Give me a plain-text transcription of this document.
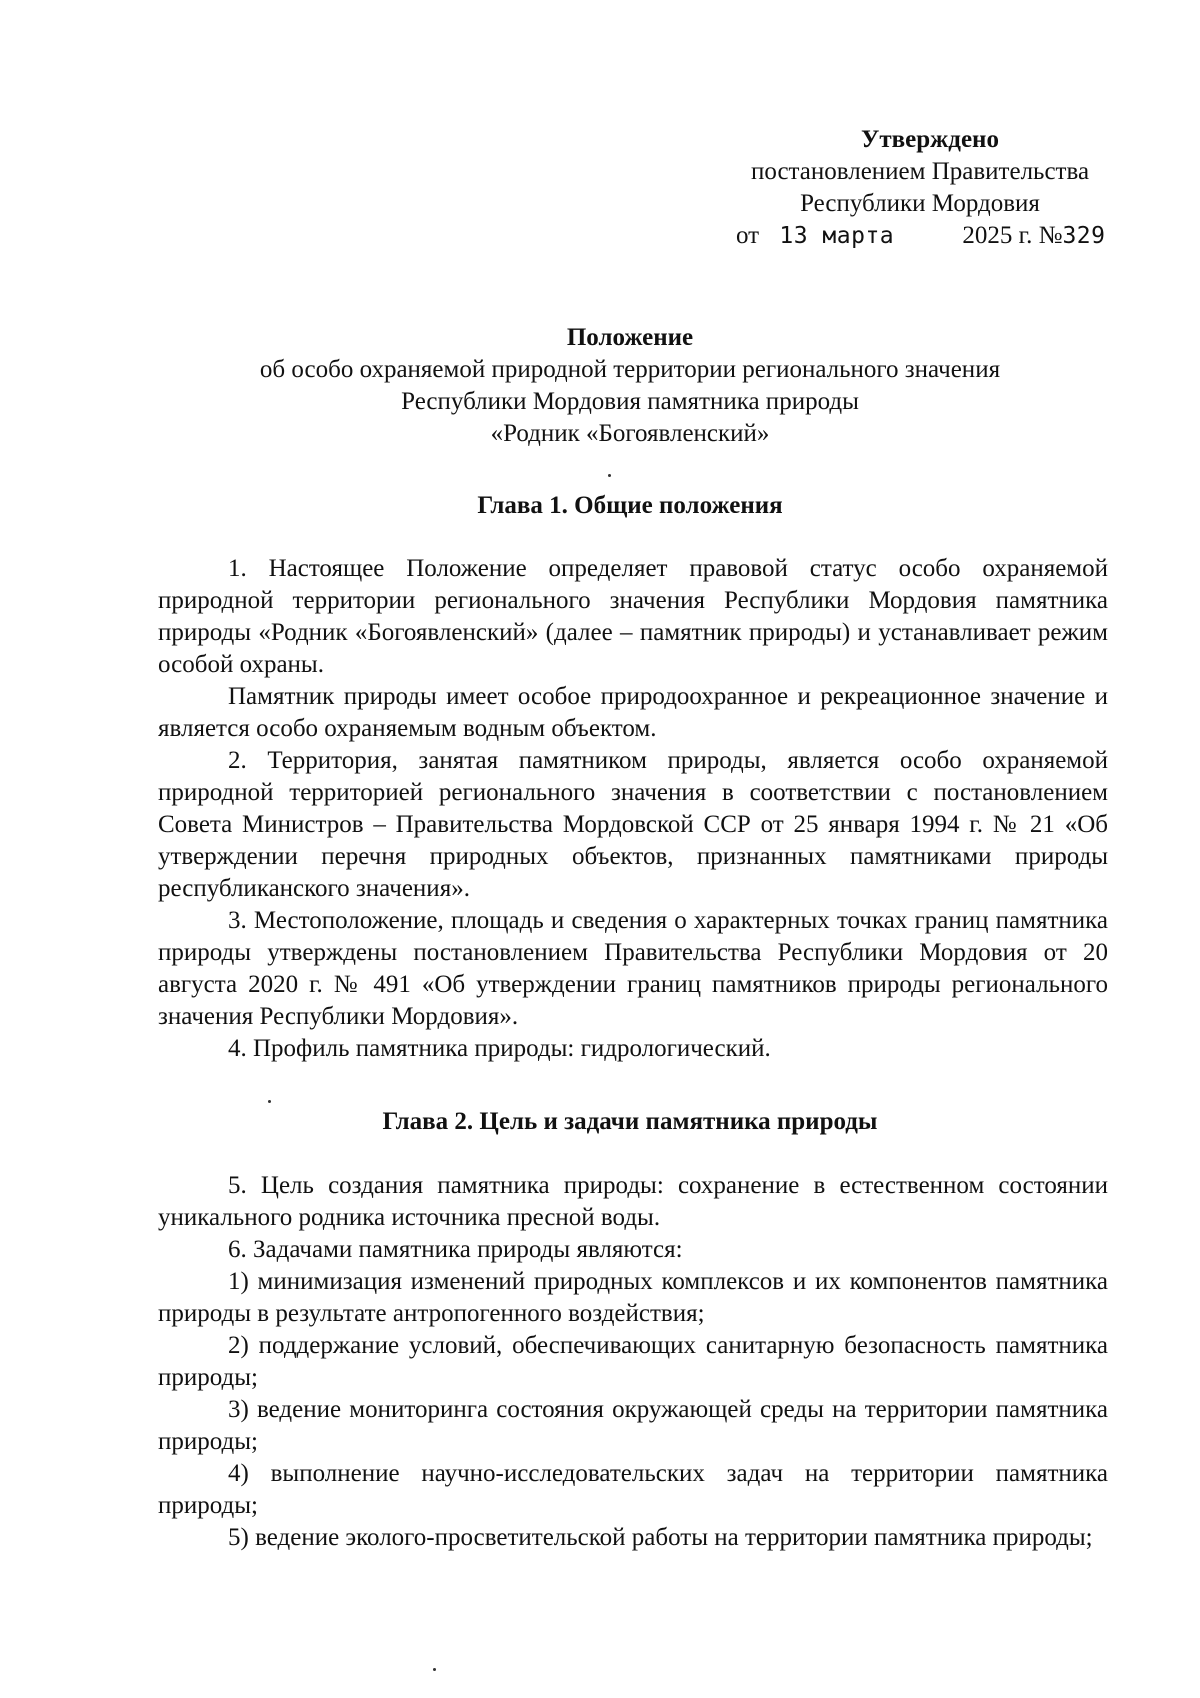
Утверждено
постановлением Правительства
Республики Мордовия
от 13 марта	2025 г. №329
Положение
об особо охраняемой природной территории регионального значения
Республики Мордовия памятника природы
«Родник «Богоявленский»
Глава 1. Общие положения

1. Настоящее Положение определяет правовой статус особо охраняемой природной территории регионального значения Республики Мордовия памятника природы «Родник «Богоявленский» (далее – памятник природы) и устанавливает режим особой охраны.

Памятник природы имеет особое природоохранное и рекреационное значение и является особо охраняемым водным объектом.

2. Территория, занятая памятником природы, является особо охраняемой природной территорией регионального значения в соответствии с постановлением Совета Министров – Правительства Мордовской ССР от 25 января 1994 г. № 21 «Об утверждении перечня природных объектов, признанных памятниками природы республиканского значения».

3. Местоположение, площадь и сведения о характерных точках границ памятника природы утверждены постановлением Правительства Республики Мордовия от 20 августа 2020 г. № 491 «Об утверждении границ памятников природы регионального значения Республики Мордовия».

4. Профиль памятника природы: гидрологический.

Глава 2. Цель и задачи памятника природы

5. Цель создания памятника природы: сохранение в естественном состоянии уникального родника источника пресной воды.

6. Задачами памятника природы являются:

1) минимизация изменений природных комплексов и их компонентов памятника природы в результате антропогенного воздействия;

2) поддержание условий, обеспечивающих санитарную безопасность памятника природы;

3) ведение мониторинга состояния окружающей среды на территории памятника природы;

4) выполнение научно-исследовательских задач на территории памятника природы;

5) ведение эколого-просветительской работы на территории памятника природы;
